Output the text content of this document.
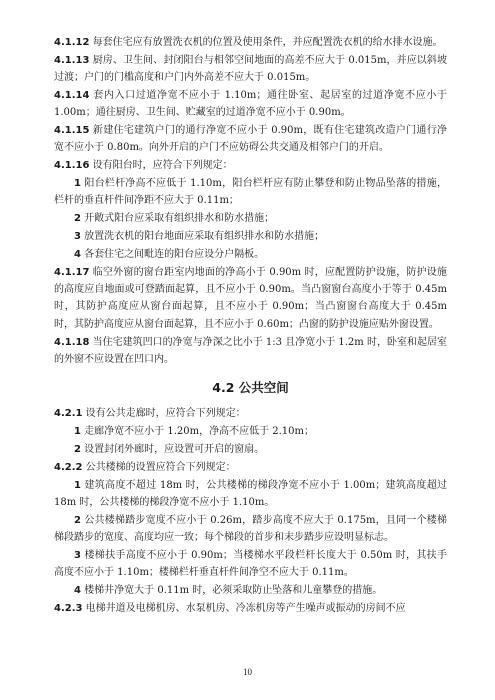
4.1.12 每套住宅应有放置洗衣机的位置及使用条件，并应配置洗衣机的给水排水设施。

4.1.13 厨房、卫生间、封闭阳台与相邻空间地面的高差不应大于 0.015m，并应以斜坡过渡；户门的门槛高度和户门内外高差不应大于 0.015m。

4.1.14 套内入口过道净宽不应小于 1.10m；通往卧室、起居室的过道净宽不应小于 1.00m；通往厨房、卫生间、贮藏室的过道净宽不应小于 0.90m。

4.1.15 新建住宅建筑户门的通行净宽不应小于 0.90m，既有住宅建筑改造户门通行净宽不应小于 0.80m。向外开启的户门不应妨碍公共交通及相邻户门的开启。

4.1.16 设有阳台时，应符合下列规定：

1 阳台栏杆净高不应低于 1.10m，阳台栏杆应有防止攀登和防止物品坠落的措施，栏杆的垂直杆件间净距不应大于 0.11m；

2 开敞式阳台应采取有组织排水和防水措施；

3 放置洗衣机的阳台地面应采取有组织排水和防水措施；

4 各套住宅之间毗连的阳台应设分户隔板。

4.1.17 临空外窗的窗台距室内地面的净高小于 0.90m 时，应配置防护设施，防护设施的高度应自地面或可登踏面起算，且不应小于 0.90m。当凸窗窗台高度小于等于 0.45m 时，其防护高度应从窗台面起算，且不应小于 0.90m；当凸窗窗台高度大于 0.45m 时，其防护高度应从窗台面起算，且不应小于 0.60m；凸窗的防护设施应贴外窗设置。

4.1.18 当住宅建筑凹口的净宽与净深之比小于 1:3 且净宽小于 1.2m 时，卧室和起居室的外窗不应设置在凹口内。

4.2 公共空间

4.2.1 设有公共走廊时，应符合下列规定：

1 走廊净宽不应小于 1.20m，净高不应低于 2.10m；

2 设置封闭外廊时，应设置可开启的窗扇。

4.2.2 公共楼梯的设置应符合下列规定：

1 建筑高度不超过 18m 时，公共楼梯的梯段净宽不应小于 1.00m；建筑高度超过 18m 时，公共楼梯的梯段净宽不应小于 1.10m。

2 公共楼梯踏步宽度不应小于 0.26m，踏步高度不应大于 0.175m，且同一个楼梯梯段踏步的宽度、高度均应一致；每个梯段的首步和末步踏步应设明显标志。

3 楼梯扶手高度不应小于 0.90m；当楼梯水平段栏杆长度大于 0.50m 时，其扶手高度不应小于 1.10m；楼梯栏杆垂直杆件间净空不应大于 0.11m。

4 楼梯井净宽大于 0.11m 时，必须采取防止坠落和儿童攀登的措施。

4.2.3 电梯井道及电梯机房、水泵机房、冷冻机房等产生噪声或振动的房间不应

10
